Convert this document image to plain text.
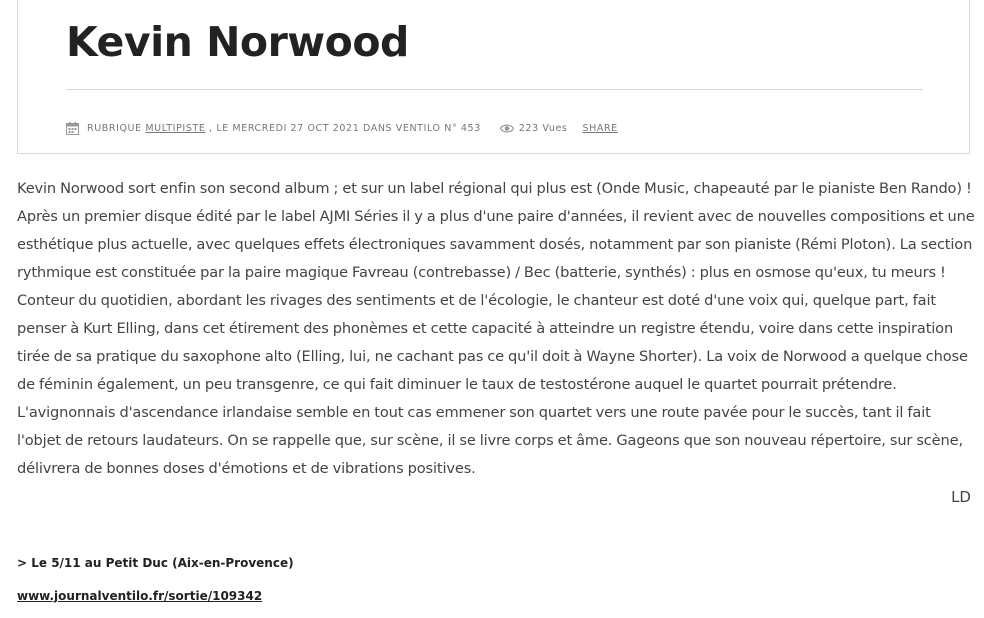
Kevin Norwood
RUBRIQUE
MULTIPISTE
, LE MERCREDI 27 OCT 2021 DANS VENTILO N° 453	223 Vues SHARE

Kevin Norwood sort enfin son second album ; et sur un label régional qui plus est (Onde Music, chapeauté par le pianiste Ben Rando) ! Après un premier disque édité par le label AJMI Séries il y a plus d'une paire d'années, il revient avec de nouvelles compositions et une esthétique plus actuelle, avec quelques effets électroniques savamment dosés, notamment par son pianiste (Rémi Ploton). La section rythmique est constituée par la paire magique Favreau (contrebasse) / Bec (batterie, synthés) : plus en osmose qu'eux, tu meurs ! Conteur du quotidien, abordant les rivages des sentiments et de l'écologie, le chanteur est doté d'une voix qui, quelque part, fait penser à Kurt Elling, dans cet étirement des phonèmes et cette capacité à atteindre un registre étendu, voire dans cette inspiration tirée de sa pratique du saxophone alto (Elling, lui, ne cachant pas ce qu'il doit à Wayne Shorter). La voix de Norwood a quelque chose de féminin également, un peu transgenre, ce qui fait diminuer le taux de testostérone auquel le quartet pourrait prétendre. L'avignonnais d'ascendance irlandaise semble en tout cas emmener son quartet vers une route pavée pour le succès, tant il fait l'objet de retours laudateurs. On se rappelle que, sur scène, il se livre corps et âme. Gageons que son nouveau répertoire, sur scène, délivrera de bonnes doses d'émotions et de vibrations positives.

LD
> Le 5/11 au Petit Duc (Aix-en-Provence)
www.journalventilo.fr/sortie/109342
